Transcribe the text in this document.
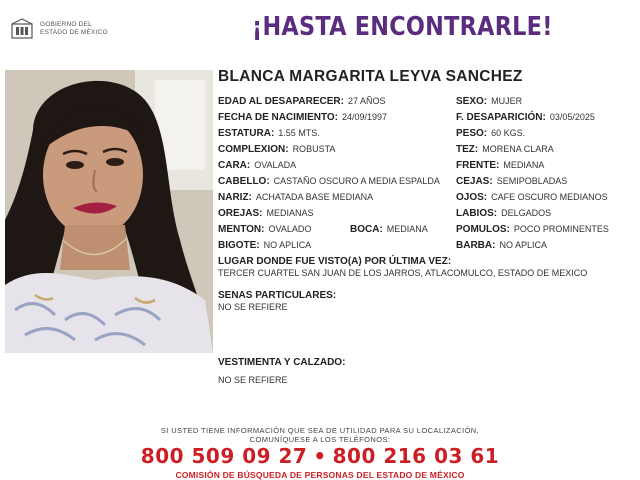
GOBIERNO DEL
ESTADO DE MÉXICO	¡HASTA ENCONTRARLE!
BLANCA MARGARITA LEYVA SANCHEZ
EDAD AL DESAPARECER: 27 AÑOS
FECHA DE NACIMIENTO: 24/09/1997
ESTATURA: 1.55 MTS.
COMPLEXION: ROBUSTA
CARA: OVALADA
CABELLO: CASTAÑO OSCURO A MEDIA ESPALDA
NARIZ: ACHATADA BASE MEDIANA
OREJAS: MEDIANAS
MENTON: OVALADO	BOCA: MEDIANA
BIGOTE: NO APLICA
SEXO: MUJER
F. DESAPARICIÓN: 03/05/2025
PESO: 60 KGS.
TEZ: MORENA CLARA
FRENTE: MEDIANA
CEJAS: SEMIPOBLADAS
OJOS: CAFE OSCURO MEDIANOS
LABIOS: DELGADOS
POMULOS: POCO PROMINENTES
BARBA: NO APLICA
LUGAR DONDE FUE VISTO(A) POR ÚLTIMA VEZ:
TERCER CUARTEL SAN JUAN DE LOS JARROS, ATLACOMULCO, ESTADO DE MEXICO
SENAS PARTICULARES:
NO SE REFIERE
VESTIMENTA Y CALZADO:
NO SE REFIERE
SI USTED TIENE INFORMACIÓN QUE SEA DE UTILIDAD PARA SU LOCALIZACIÓN,
COMUNÍQUESE A LOS TELÉFONOS:
800 509 09 27 • 800 216 03 61
COMISIÓN DE BÚSQUEDA DE PERSONAS DEL ESTADO DE MÉXICO
